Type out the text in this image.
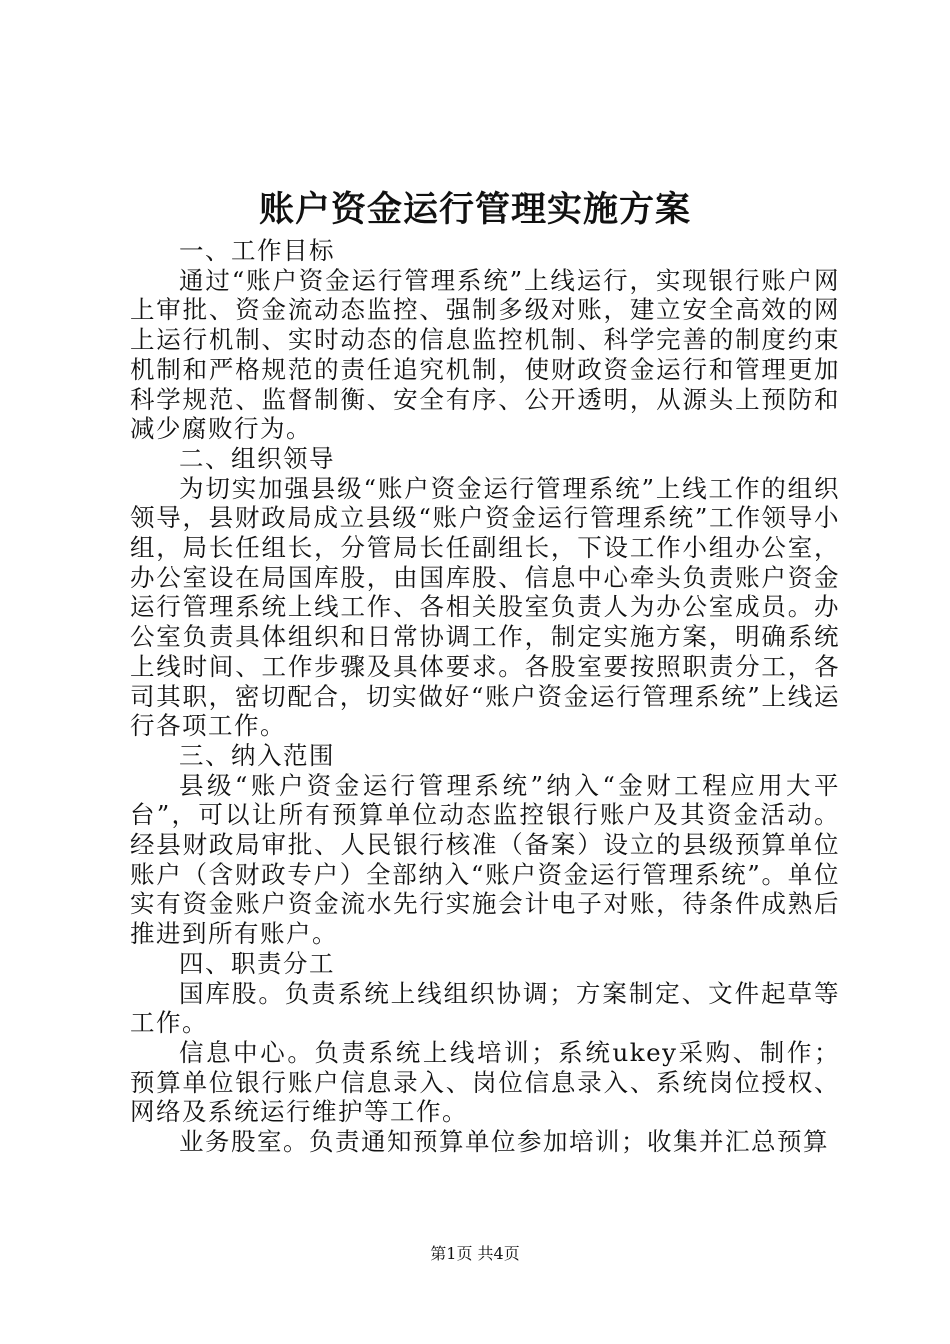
账户资金运行管理实施方案

一、工作目标

通过“账户资金运行管理系统”上线运行，实现银行账户网上审批、资金流动态监控、强制多级对账，建立安全高效的网上运行机制、实时动态的信息监控机制、科学完善的制度约束机制和严格规范的责任追究机制，使财政资金运行和管理更加科学规范、监督制衡、安全有序、公开透明，从源头上预防和减少腐败行为。

二、组织领导

为切实加强县级“账户资金运行管理系统”上线工作的组织领导，县财政局成立县级“账户资金运行管理系统”工作领导小组，局长任组长，分管局长任副组长，下设工作小组办公室，办公室设在局国库股，由国库股、信息中心牵头负责账户资金运行管理系统上线工作、各相关股室负责人为办公室成员。办公室负责具体组织和日常协调工作，制定实施方案，明确系统上线时间、工作步骤及具体要求。各股室要按照职责分工，各司其职，密切配合，切实做好“账户资金运行管理系统”上线运行各项工作。

三、纳入范围

县级“账户资金运行管理系统”纳入“金财工程应用大平台”，可以让所有预算单位动态监控银行账户及其资金活动。经县财政局审批、人民银行核准（备案）设立的县级预算单位账户（含财政专户）全部纳入“账户资金运行管理系统”。单位实有资金账户资金流水先行实施会计电子对账，待条件成熟后推进到所有账户。

四、职责分工

国库股。负责系统上线组织协调；方案制定、文件起草等工作。

信息中心。负责系统上线培训；系统ukey采购、制作；预算单位银行账户信息录入、岗位信息录入、系统岗位授权、网络及系统运行维护等工作。

业务股室。负责通知预算单位参加培训；收集并汇总预算

第1页 共4页
